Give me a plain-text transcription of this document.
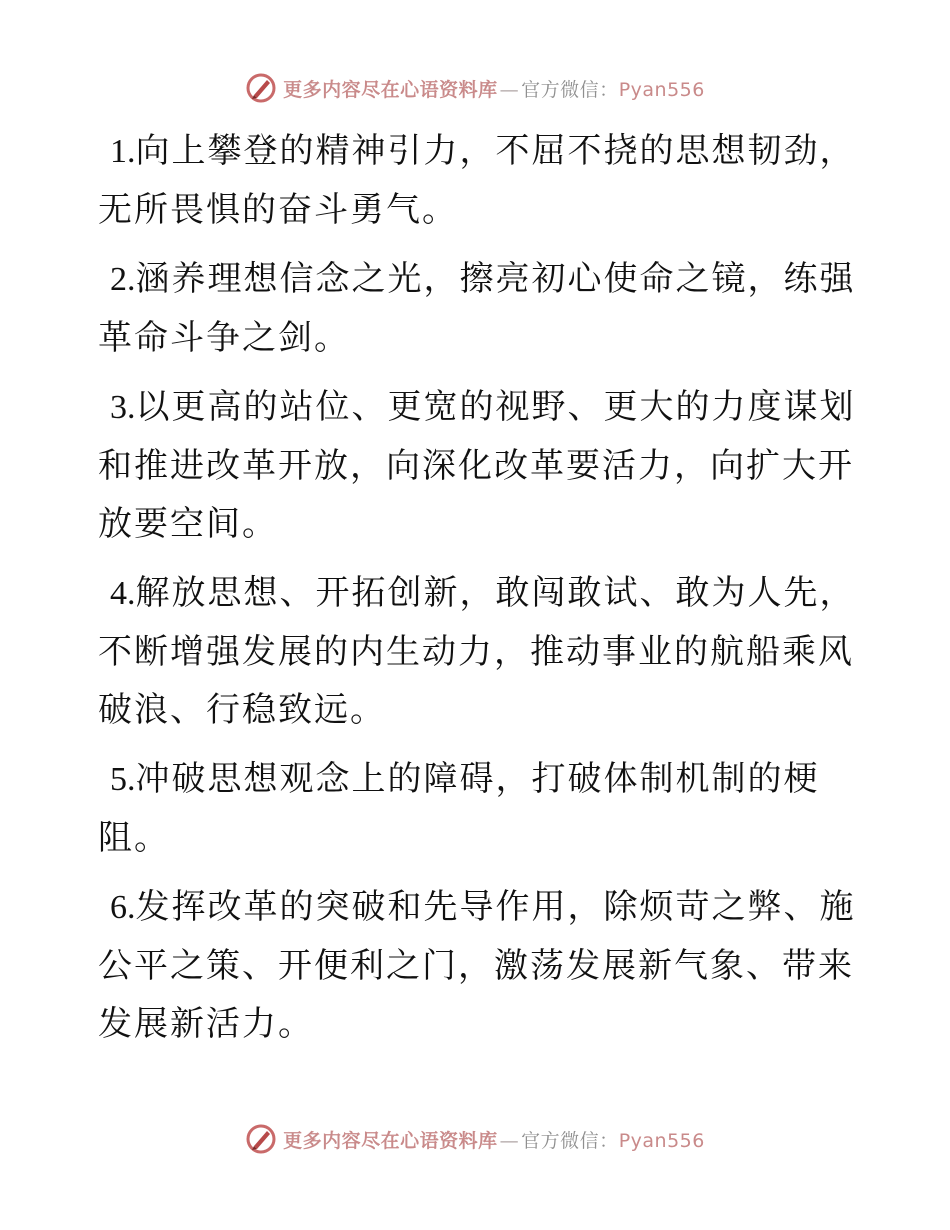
更多内容尽在心语资料库 — 官方微信：Pyan556

1.向上攀登的精神引力，不屈不挠的思想韧劲，无所畏惧的奋斗勇气。

2.涵养理想信念之光，擦亮初心使命之镜，练强革命斗争之剑。

3.以更高的站位、更宽的视野、更大的力度谋划和推进改革开放，向深化改革要活力，向扩大开放要空间。

4.解放思想、开拓创新，敢闯敢试、敢为人先，不断增强发展的内生动力，推动事业的航船乘风破浪、行稳致远。

5.冲破思想观念上的障碍，打破体制机制的梗阻。

6.发挥改革的突破和先导作用，除烦苛之弊、施公平之策、开便利之门，激荡发展新气象、带来发展新活力。

更多内容尽在心语资料库 — 官方微信：Pyan556
